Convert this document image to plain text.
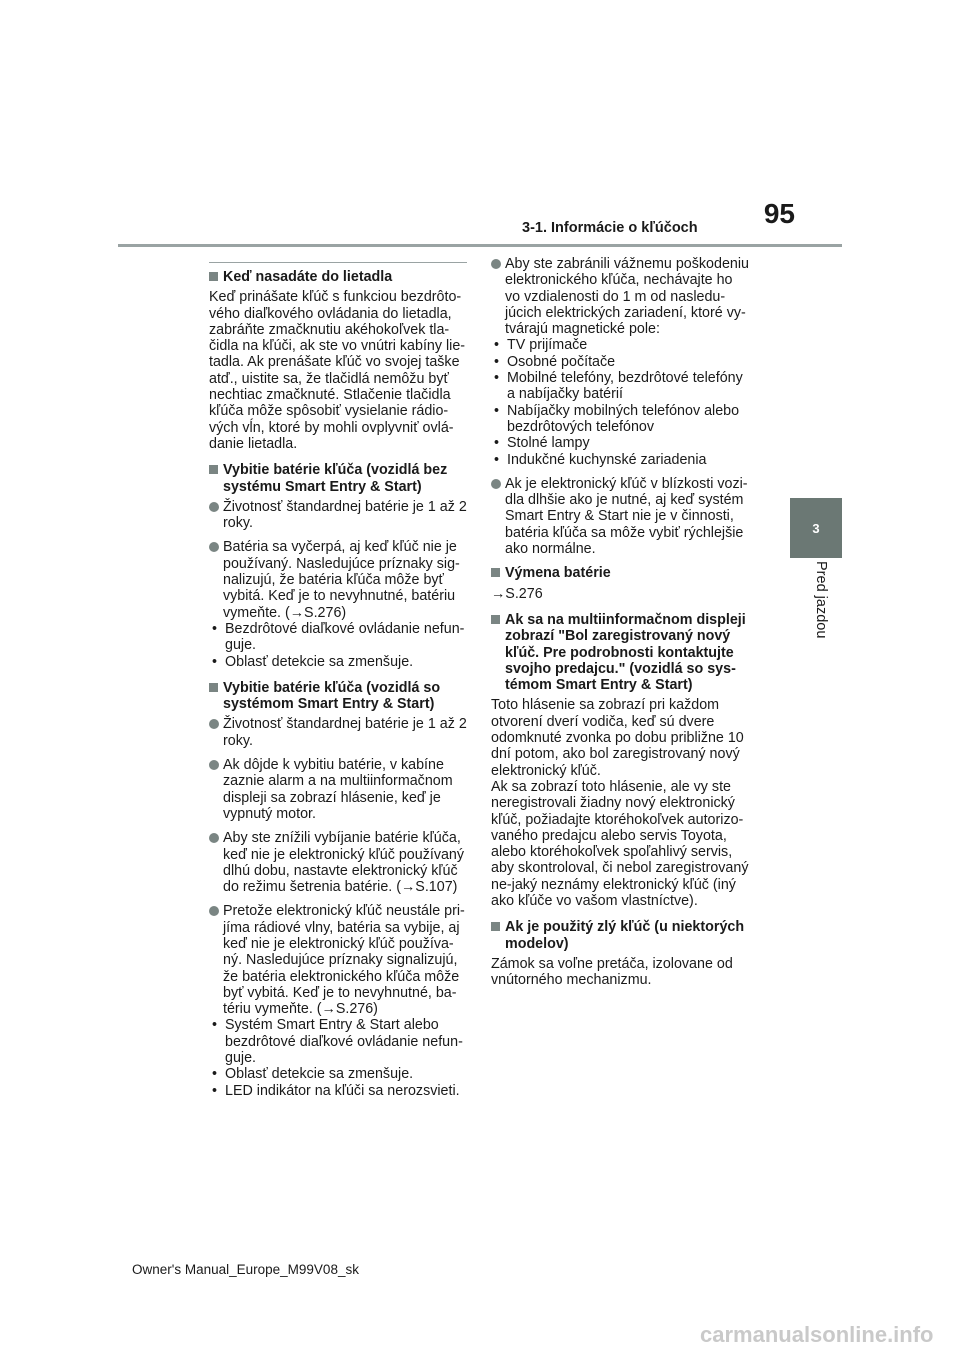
95
3-1. Informácie o kľúčoch
3
Pred jazdou
Keď nasadáte do lietadla
Keď prinášate kľúč s funkciou bezdrôto-vého diaľkového ovládania do lietadla, zabráňte zmačknutiu akéhokoľvek tla-čidla na kľúči, ak ste vo vnútri kabíny lie-tadla. Ak prenášate kľúč vo svojej taške atď., uistite sa, že tlačidlá nemôžu byť nechtiac zmačknuté. Stlačenie tlačidla kľúča môže spôsobiť vysielanie rádio-vých vĺn, ktoré by mohli ovplyvniť ovlá-danie lietadla.
Vybitie batérie kľúča (vozidlá bez systému Smart Entry & Start)
Životnosť štandardnej batérie je 1 až 2 roky.
Batéria sa vyčerpá, aj keď kľúč nie je používaný. Nasledujúce príznaky sig-nalizujú, že batéria kľúča môže byť vybitá. Keď je to nevyhnutné, batériu vymeňte. (→S.276)
• Bezdrôtové diaľkové ovládanie nefun-guje.
• Oblasť detekcie sa zmenšuje.
Vybitie batérie kľúča (vozidlá so systémom Smart Entry & Start)
Životnosť štandardnej batérie je 1 až 2 roky.
Ak dôjde k vybitiu batérie, v kabíne zaznie alarm a na multiinformačnom displeji sa zobrazí hlásenie, keď je vypnutý motor.
Aby ste znížili vybíjanie batérie kľúča, keď nie je elektronický kľúč používaný dlhú dobu, nastavte elektronický kľúč do režimu šetrenia batérie. (→S.107)
Pretože elektronický kľúč neustále pri-jíma rádiové vlny, batéria sa vybije, aj keď nie je elektronický kľúč používa-ný. Nasledujúce príznaky signalizujú, že batéria elektronického kľúča môže byť vybitá. Keď je to nevyhnutné, ba-tériu vymeňte. (→S.276)
• Systém Smart Entry & Start alebo bezdrôtové diaľkové ovládanie nefun-guje.
• Oblasť detekcie sa zmenšuje.
• LED indikátor na kľúči sa nerozsvieti.
Aby ste zabránili vážnemu poškodeniu elektronického kľúča, nechávajte ho vo vzdialenosti do 1 m od nasledu-júcich elektrických zariadení, ktoré vy-tvárajú magnetické pole:
• TV prijímače
• Osobné počítače
• Mobilné telefóny, bezdrôtové telefóny a nabíjačky batérií
• Nabíjačky mobilných telefónov alebo bezdrôtových telefónov
• Stolné lampy
• Indukčné kuchynské zariadenia
Ak je elektronický kľúč v blízkosti vozi-dla dlhšie ako je nutné, aj keď systém Smart Entry & Start nie je v činnosti, batéria kľúča sa môže vybiť rýchlejšie ako normálne.
Výmena batérie
→S.276
Ak sa na multiinformačnom displeji zobrazí "Bol zaregistrovaný nový kľúč. Pre podrobnosti kontaktujte svojho predajcu." (vozidlá so sys-témom Smart Entry & Start)
Toto hlásenie sa zobrazí pri každom otvorení dverí vodiča, keď sú dvere odomknuté zvonka po dobu približne 10 dní potom, ako bol zaregistrovaný nový elektronický kľúč.
Ak sa zobrazí toto hlásenie, ale vy ste neregistrovali žiadny nový elektronický kľúč, požiadajte ktoréhokoľvek autorizo-vaného predajcu alebo servis Toyota, alebo ktoréhokoľvek spoľahlivý servis, aby skontroloval, či nebol zaregistrovaný ne-jaký neznámy elektronický kľúč (iný ako kľúče vo vašom vlastníctve).
Ak je použitý zlý kľúč (u niektorých modelov)
Zámok sa voľne pretáča, izolovane od vnútorného mechanizmu.
Owner's Manual_Europe_M99V08_sk
carmanualsonline.info
